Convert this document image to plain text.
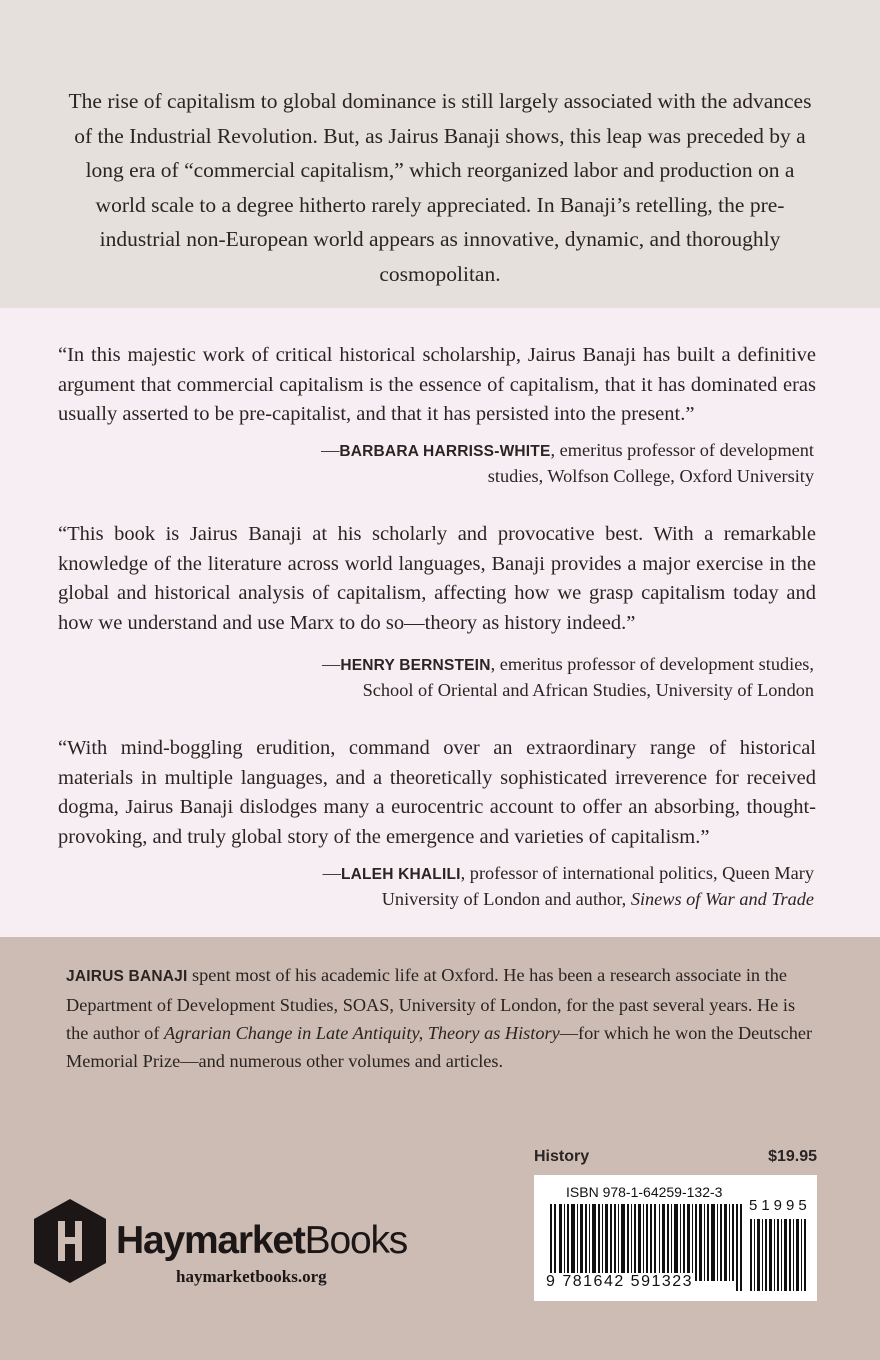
The rise of capitalism to global dominance is still largely associated with the advances of the Industrial Revolution. But, as Jairus Banaji shows, this leap was preceded by a long era of “commercial capitalism,” which reorganized labor and production on a world scale to a degree hitherto rarely appreciated. In Banaji’s retelling, the pre-industrial non-European world appears as innovative, dynamic, and thoroughly cosmopolitan.
“In this majestic work of critical historical scholarship, Jairus Banaji has built a definitive argument that commercial capitalism is the essence of capitalism, that it has dominated eras usually asserted to be pre-capitalist, and that it has persisted into the present.”
—BARBARA HARRISS-WHITE, emeritus professor of development
studies, Wolfson College, Oxford University
“This book is Jairus Banaji at his scholarly and provocative best. With a remarkable knowledge of the literature across world languages, Banaji provides a major exercise in the global and historical analysis of capitalism, affecting how we grasp capitalism today and how we understand and use Marx to do so—theory as history indeed.”
—HENRY BERNSTEIN, emeritus professor of development studies,
School of Oriental and African Studies, University of London
“With mind-boggling erudition, command over an extraordinary range of historical materials in multiple languages, and a theoretically sophisticated irreverence for received dogma, Jairus Banaji dislodges many a eurocentric account to offer an absorbing, thought-provoking, and truly global story of the emergence and varieties of capitalism.”
—LALEH KHALILI, professor of international politics, Queen Mary
University of London and author, Sinews of War and Trade
JAIRUS BANAJI spent most of his academic life at Oxford. He has been a research associate in the Department of Development Studies, SOAS, University of London, for the past several years. He is the author of Agrarian Change in Late Antiquity, Theory as History—for which he won the Deutscher Memorial Prize—and numerous other volumes and articles.
History	$19.95
ISBN 978-1-64259-132-3
51995
9 781642 591323
HaymarketBooks
haymarketbooks.org
